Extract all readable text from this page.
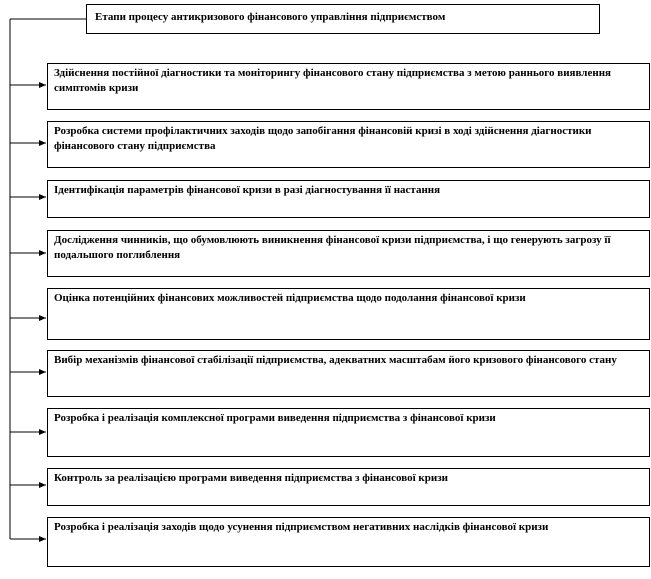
Етапи процесу антикризового фінансового управління підприємством
Здійснення постійної діагностики та моніторингу фінансового стану підприємства з метою раннього виявлення симптомів кризи
Розробка системи профілактичних заходів щодо запобігання фінансовій кризі в ході здійснення діагностики фінансового стану підприємства
Ідентифікація параметрів фінансової кризи в разі діагностування її настання
Дослідження чинників, що обумовлюють виникнення фінансової кризи підприємства, і що генерують загрозу її подальшого поглиблення
Оцінка потенційних фінансових можливостей підприємства щодо подолання фінансової кризи
Вибір механізмів фінансової стабілізації підприємства, адекватних масштабам його кризового фінансового стану
Розробка і реалізація комплексної програми виведення підприємства з фінансової кризи
Контроль за реалізацією програми виведення підприємства з фінансової кризи
Розробка і реалізація заходів щодо усунення підприємством негативних наслідків фінансової кризи
